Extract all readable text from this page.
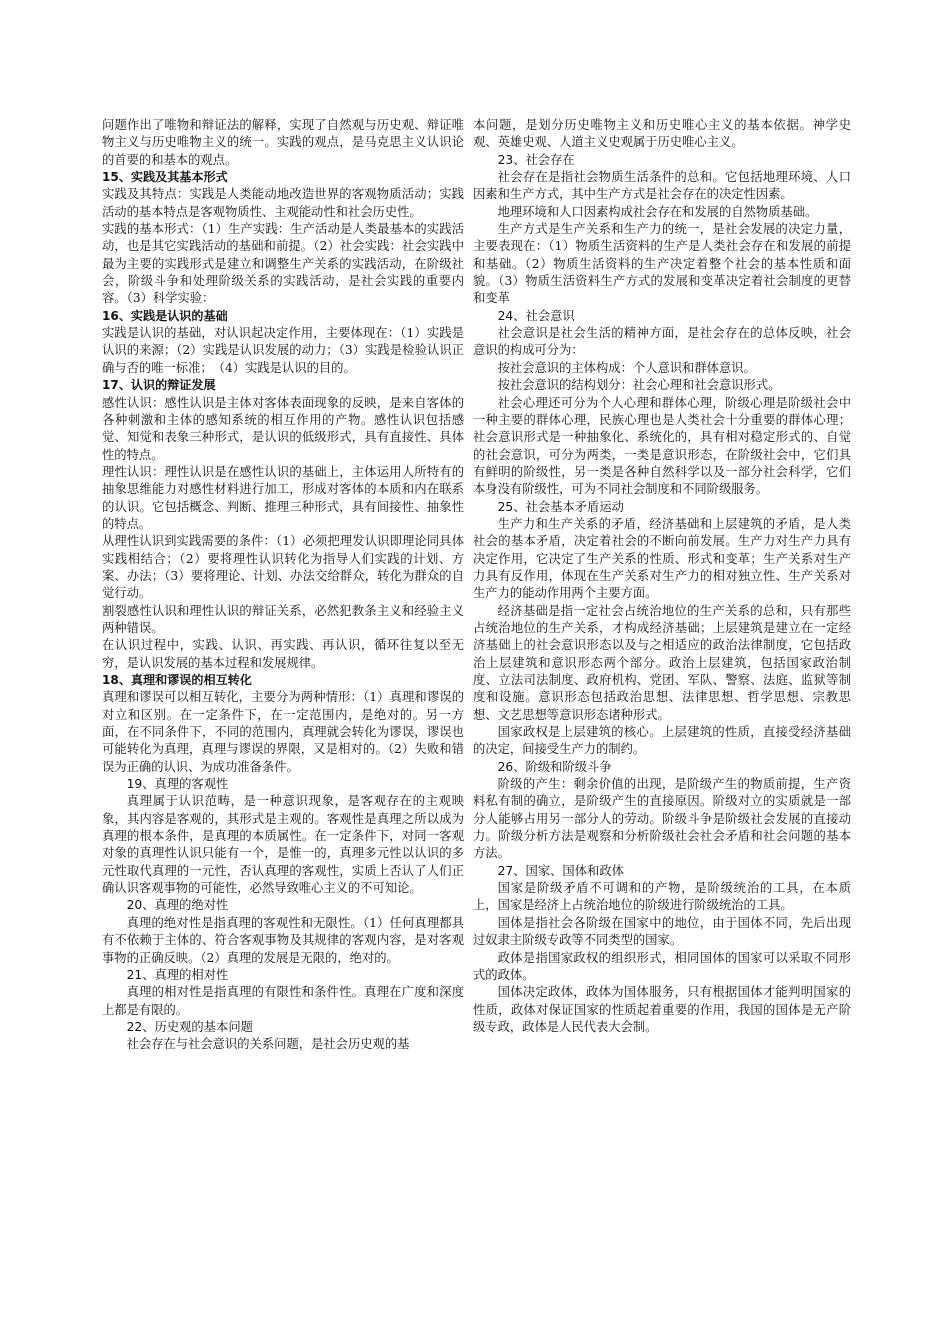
问题作出了唯物和辩证法的解释，实现了自然观与历史观、辩证唯物主义与历史唯物主义的统一。实践的观点，是马克思主义认识论的首要的和基本的观点。

15、实践及其基本形式

实践及其特点：实践是人类能动地改造世界的客观物质活动；实践活动的基本特点是客观物质性、主观能动性和社会历史性。

实践的基本形式：（1）生产实践：生产活动是人类最基本的实践活动，也是其它实践活动的基础和前提。（2）社会实践：社会实践中最为主要的实践形式是建立和调整生产关系的实践活动，在阶级社会，阶级斗争和处理阶级关系的实践活动，是社会实践的重要内容。（3）科学实验：

16、实践是认识的基础

实践是认识的基础，对认识起决定作用，主要体现在：（1）实践是认识的来源；（2）实践是认识发展的动力；（3）实践是检验认识正确与否的唯一标准；　（4）实践是认识的目的。

17、认识的辩证发展

感性认识：感性认识是主体对客体表面现象的反映，是来自客体的各种刺激和主体的感知系统的相互作用的产物。感性认识包括感觉、知觉和表象三种形式，是认识的低级形式，具有直接性、具体性的特点。

理性认识：理性认识是在感性认识的基础上，主体运用人所特有的抽象思维能力对感性材料进行加工，形成对客体的本质和内在联系的认识。它包括概念、判断、推理三种形式，具有间接性、抽象性的特点。

从理性认识到实践需要的条件：（1）必须把理发认识即理论同具体实践相结合；（2）要将理性认识转化为指导人们实践的计划、方案、办法；（3）要将理论、计划、办法交给群众，转化为群众的自觉行动。

割裂感性认识和理性认识的辩证关系，必然犯教条主义和经验主义两种错误。

在认识过程中，实践、认识、再实践、再认识，循环往复以至无穷，是认识发展的基本过程和发展规律。

18、真理和谬误的相互转化

真理和谬误可以相互转化，主要分为两种情形：（1）真理和谬误的对立和区别。在一定条件下，在一定范围内，是绝对的。另一方面，在不同条件下，不同的范围内，真理就会转化为谬误，谬误也可能转化为真理，真理与谬误的界限，又是相对的。（2）失败和错误为正确的认识、为成功准备条件。

19、真理的客观性

真理属于认识范畴，是一种意识现象，是客观存在的主观映象，其内容是客观的，其形式是主观的。客观性是真理之所以成为真理的根本条件，是真理的本质属性。在一定条件下，对同一客观对象的真理性认识只能有一个，是惟一的，真理多元性以认识的多元性取代真理的一元性，否认真理的客观性，实质上否认了人们正确认识客观事物的可能性，必然导致唯心主义的不可知论。

20、真理的绝对性

真理的绝对性是指真理的客观性和无限性。（1）任何真理都具有不依赖于主体的、符合客观事物及其规律的客观内容，是对客观事物的正确反映。（2）真理的发展是无限的，绝对的。

21、真理的相对性

真理的相对性是指真理的有限性和条件性。真理在广度和深度上都是有限的。

22、历史观的基本问题

社会存在与社会意识的关系问题，是社会历史观的基

本问题，是划分历史唯物主义和历史唯心主义的基本依据。神学史观、英雄史观、人道主义史观属于历史唯心主义。

23、社会存在

社会存在是指社会物质生活条件的总和。它包括地理环境、人口因素和生产方式，其中生产方式是社会存在的决定性因素。

地理环境和人口因素构成社会存在和发展的自然物质基础。

生产方式是生产关系和生产力的统一，是社会发展的决定力量，主要表现在：（1）物质生活资料的生产是人类社会存在和发展的前提和基础。（2）物质生活资料的生产决定着整个社会的基本性质和面貌。（3）物质生活资料生产方式的发展和变革决定着社会制度的更替和变革

24、社会意识

社会意识是社会生活的精神方面，是社会存在的总体反映，社会意识的构成可分为：

按社会意识的主体构成：个人意识和群体意识。

按社会意识的结构划分：社会心理和社会意识形式。

社会心理还可分为个人心理和群体心理，阶级心理是阶级社会中一种主要的群体心理，民族心理也是人类社会十分重要的群体心理；社会意识形式是一种抽象化、系统化的，具有相对稳定形式的、自觉的社会意识，可分为两类，一类是意识形态，在阶级社会中，它们具有鲜明的阶级性，另一类是各种自然科学以及一部分社会科学，它们本身没有阶级性，可为不同社会制度和不同阶级服务。

25、社会基本矛盾运动

生产力和生产关系的矛盾，经济基础和上层建筑的矛盾，是人类社会的基本矛盾，决定着社会的不断向前发展。生产力对生产力具有决定作用，它决定了生产关系的性质、形式和变革；生产关系对生产力具有反作用，体现在生产关系对生产力的相对独立性、生产关系对生产力的能动作用两个主要方面。

经济基础是指一定社会占统治地位的生产关系的总和，只有那些占统治地位的生产关系，才构成经济基础；上层建筑是建立在一定经济基础上的社会意识形态以及与之相适应的政治法律制度，它包括政治上层建筑和意识形态两个部分。政治上层建筑，包括国家政治制度、立法司法制度、政府机构、党团、军队、警察、法庭、监狱等制度和设施。意识形态包括政治思想、法律思想、哲学思想、宗教思想、文艺思想等意识形态诸种形式。

国家政权是上层建筑的核心。上层建筑的性质，直接受经济基础的决定，间接受生产力的制约。

26、阶级和阶级斗争

阶级的产生：剩余价值的出现，是阶级产生的物质前提，生产资料私有制的确立，是阶级产生的直接原因。阶级对立的实质就是一部分人能够占用另一部分人的劳动。阶级斗争是阶级社会发展的直接动力。阶级分析方法是观察和分析阶级社会社会矛盾和社会问题的基本方法。

27、国家、国体和政体

国家是阶级矛盾不可调和的产物，是阶级统治的工具，在本质上，国家是经济上占统治地位的阶级进行阶级统治的工具。

国体是指社会各阶级在国家中的地位，由于国体不同，先后出现过奴隶主阶级专政等不同类型的国家。

政体是指国家政权的组织形式，相同国体的国家可以采取不同形式的政体。

国体决定政体，政体为国体服务，只有根据国体才能判明国家的性质，政体对保证国家的性质起着重要的作用，我国的国体是无产阶级专政，政体是人民代表大会制。
